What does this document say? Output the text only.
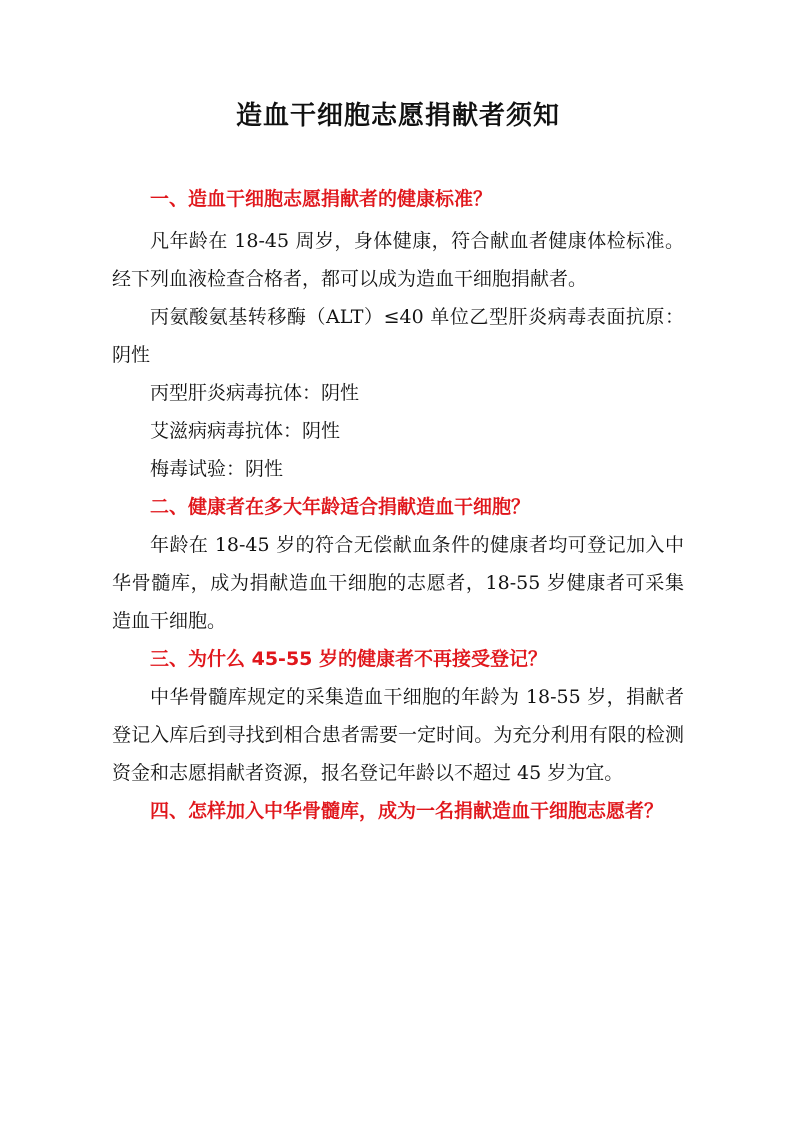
造血干细胞志愿捐献者须知

一、造血干细胞志愿捐献者的健康标准？

凡年龄在 18-45 周岁，身体健康，符合献血者健康体检标准。经下列血液检查合格者，都可以成为造血干细胞捐献者。

丙氨酸氨基转移酶（ALT）≤40 单位乙型肝炎病毒表面抗原：阴性

丙型肝炎病毒抗体：阴性

艾滋病病毒抗体：阴性

梅毒试验：阴性

二、健康者在多大年龄适合捐献造血干细胞？

年龄在 18-45 岁的符合无偿献血条件的健康者均可登记加入中华骨髓库，成为捐献造血干细胞的志愿者，18-55 岁健康者可采集造血干细胞。

三、为什么 45-55 岁的健康者不再接受登记？

中华骨髓库规定的采集造血干细胞的年龄为 18-55 岁，捐献者登记入库后到寻找到相合患者需要一定时间。为充分利用有限的检测资金和志愿捐献者资源，报名登记年龄以不超过 45 岁为宜。

四、怎样加入中华骨髓库，成为一名捐献造血干细胞志愿者？
